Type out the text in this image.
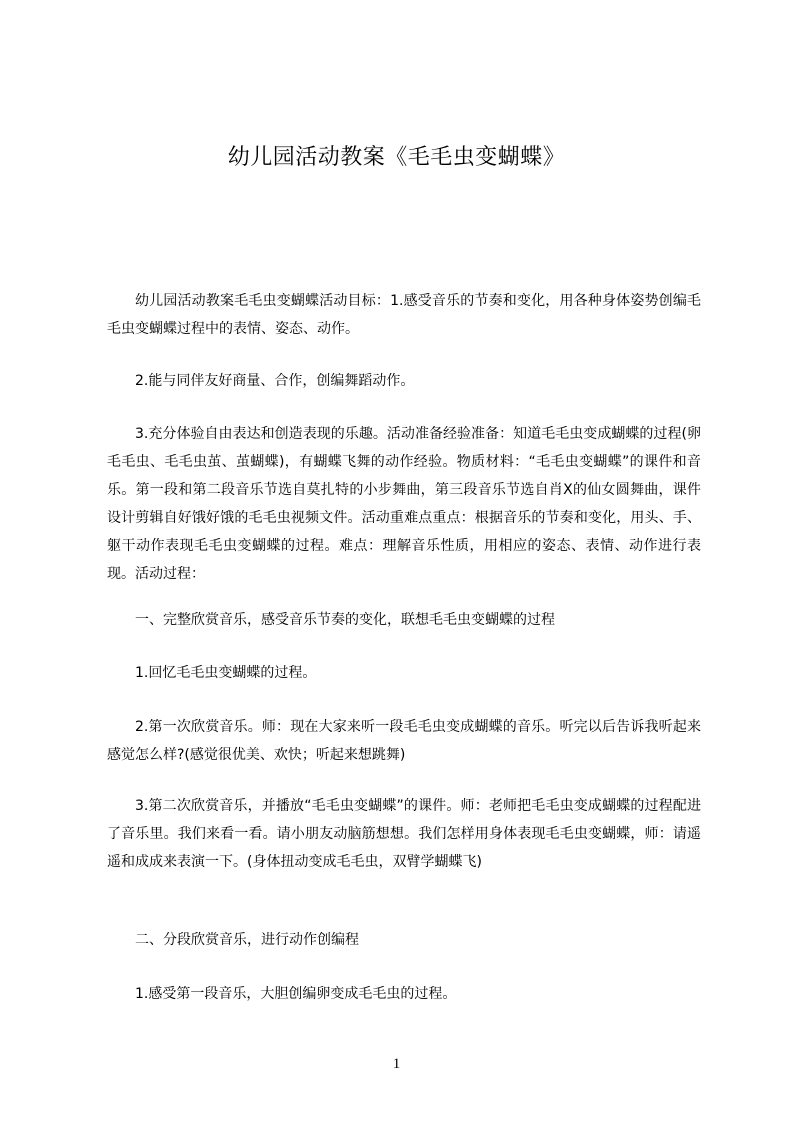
幼儿园活动教案《毛毛虫变蝴蝶》

幼儿园活动教案毛毛虫变蝴蝶活动目标：1.感受音乐的节奏和变化，用各种身体姿势创编毛毛虫变蝴蝶过程中的表情、姿态、动作。

2.能与同伴友好商量、合作，创编舞蹈动作。

3.充分体验自由表达和创造表现的乐趣。活动准备经验准备：知道毛毛虫变成蝴蝶的过程(卵毛毛虫、毛毛虫茧、茧蝴蝶)，有蝴蝶飞舞的动作经验。物质材料：“毛毛虫变蝴蝶”的课件和音乐。第一段和第二段音乐节选自莫扎特的小步舞曲，第三段音乐节选自肖X的仙女圆舞曲，课件设计剪辑自好饿好饿的毛毛虫视频文件。活动重难点重点：根据音乐的节奏和变化，用头、手、躯干动作表现毛毛虫变蝴蝶的过程。难点：理解音乐性质，用相应的姿态、表情、动作进行表现。活动过程：

一、完整欣赏音乐，感受音乐节奏的变化，联想毛毛虫变蝴蝶的过程

1.回忆毛毛虫变蝴蝶的过程。

2.第一次欣赏音乐。师：现在大家来听一段毛毛虫变成蝴蝶的音乐。听完以后告诉我听起来感觉怎么样?(感觉很优美、欢快；听起来想跳舞)

3.第二次欣赏音乐，并播放“毛毛虫变蝴蝶”的课件。师：老师把毛毛虫变成蝴蝶的过程配进了音乐里。我们来看一看。请小朋友动脑筋想想。我们怎样用身体表现毛毛虫变蝴蝶，师：请遥遥和成成来表演一下。(身体扭动变成毛毛虫，双臂学蝴蝶飞)

二、分段欣赏音乐，进行动作创编程

1.感受第一段音乐，大胆创编卵变成毛毛虫的过程。

1
